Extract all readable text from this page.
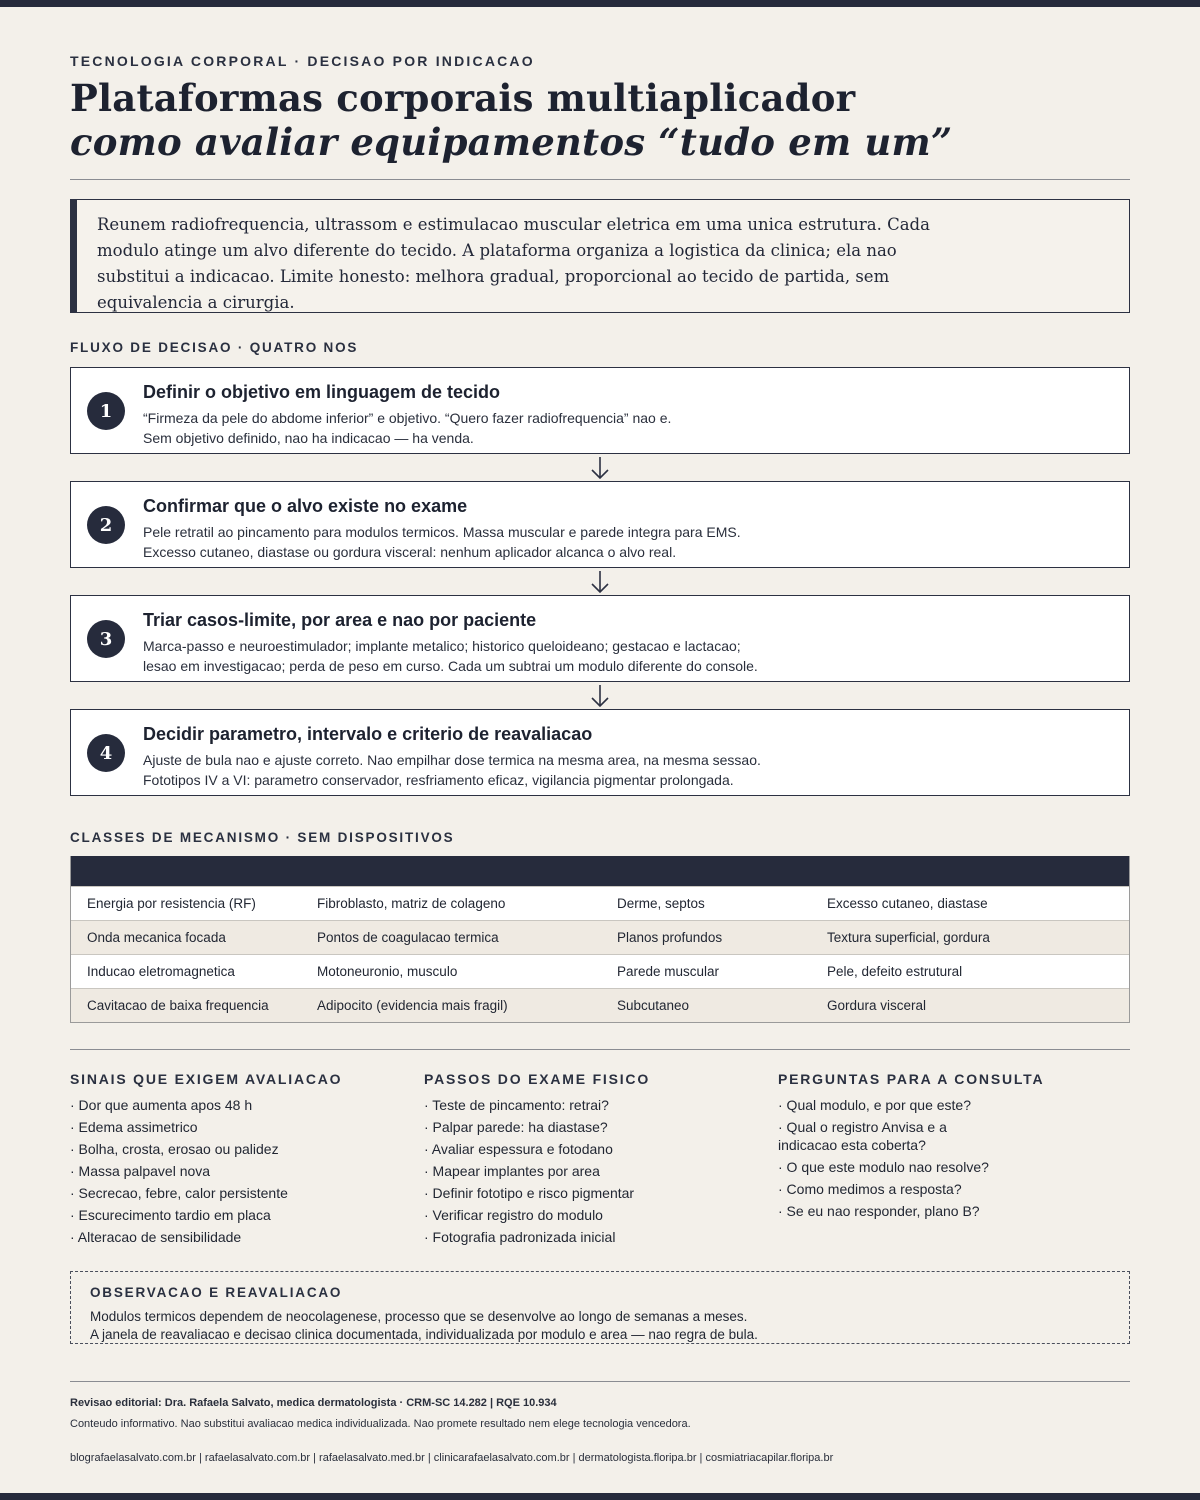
TECNOLOGIA CORPORAL · DECISAO POR INDICACAO
Plataformas corporais multiaplicador
como avaliar equipamentos “tudo em um”

Reunem radiofrequencia, ultrassom e estimulacao muscular eletrica em uma unica estrutura. Cada modulo atinge um alvo diferente do tecido. A plataforma organiza a logistica da clinica; ela nao substitui a indicacao. Limite honesto: melhora gradual, proporcional ao tecido de partida, sem equivalencia a cirurgia.

FLUXO DE DECISAO · QUATRO NOS
1
Definir o objetivo em linguagem de tecido
“Firmeza da pele do abdome inferior” e objetivo. “Quero fazer radiofrequencia” nao e.
Sem objetivo definido, nao ha indicacao — ha venda.
2
Confirmar que o alvo existe no exame
Pele retratil ao pincamento para modulos termicos. Massa muscular e parede integra para EMS.
Excesso cutaneo, diastase ou gordura visceral: nenhum aplicador alcanca o alvo real.
3
Triar casos-limite, por area e nao por paciente
Marca-passo e neuroestimulador; implante metalico; historico queloideano; gestacao e lactacao;
lesao em investigacao; perda de peso em curso. Cada um subtrai um modulo diferente do console.
4
Decidir parametro, intervalo e criterio de reavaliacao
Ajuste de bula nao e ajuste correto. Nao empilhar dose termica na mesma area, na mesma sessao.
Fototipos IV a VI: parametro conservador, resfriamento eficaz, vigilancia pigmentar prolongada.
CLASSES DE MECANISMO · SEM DISPOSITIVOS
Energia por resistencia (RF)	Fibroblasto, matriz de colageno	Derme, septos	Excesso cutaneo, diastase
Onda mecanica focada	Pontos de coagulacao termica	Planos profundos	Textura superficial, gordura
Inducao eletromagnetica	Motoneuronio, musculo	Parede muscular	Pele, defeito estrutural
Cavitacao de baixa frequencia	Adipocito (evidencia mais fragil)	Subcutaneo	Gordura visceral
SINAIS QUE EXIGEM AVALIACAO
· Dor que aumenta apos 48 h
· Edema assimetrico
· Bolha, crosta, erosao ou palidez
· Massa palpavel nova
· Secrecao, febre, calor persistente
· Escurecimento tardio em placa
· Alteracao de sensibilidade
PASSOS DO EXAME FISICO
· Teste de pincamento: retrai?
· Palpar parede: ha diastase?
· Avaliar espessura e fotodano
· Mapear implantes por area
· Definir fototipo e risco pigmentar
· Verificar registro do modulo
· Fotografia padronizada inicial
PERGUNTAS PARA A CONSULTA
· Qual modulo, e por que este?
· Qual o registro Anvisa e a indicacao esta coberta?
· O que este modulo nao resolve?
· Como medimos a resposta?
· Se eu nao responder, plano B?
OBSERVACAO E REAVALIACAO
Modulos termicos dependem de neocolagenese, processo que se desenvolve ao longo de semanas a meses.
A janela de reavaliacao e decisao clinica documentada, individualizada por modulo e area — nao regra de bula.
Revisao editorial: Dra. Rafaela Salvato, medica dermatologista · CRM-SC 14.282 | RQE 10.934
Conteudo informativo. Nao substitui avaliacao medica individualizada. Nao promete resultado nem elege tecnologia vencedora.
blografaelasalvato.com.br | rafaelasalvato.com.br | rafaelasalvato.med.br | clinicarafaelasalvato.com.br | dermatologista.floripa.br | cosmiatriacapilar.floripa.br
